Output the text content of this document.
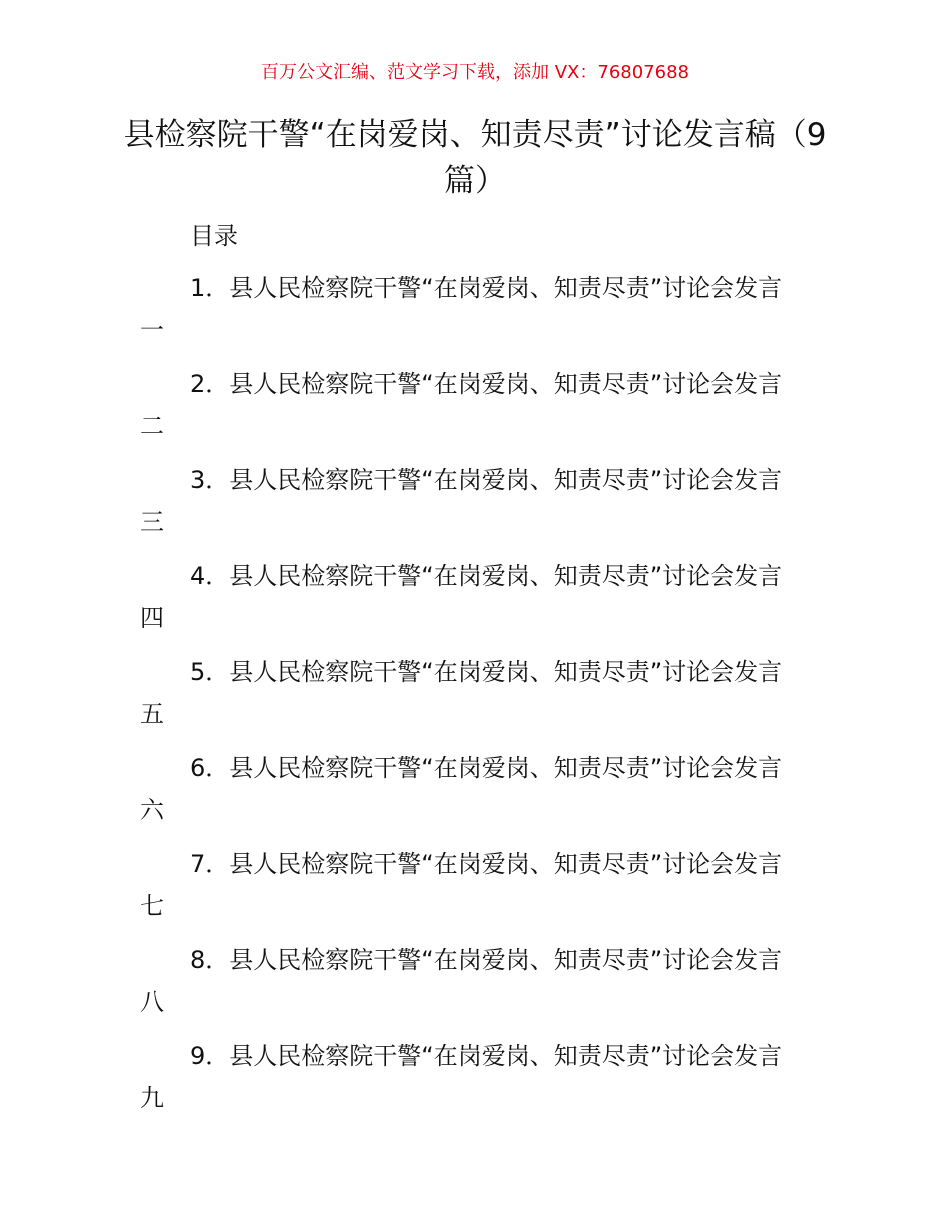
百万公文汇编、范文学习下载，添加 VX：76807688
县检察院干警“在岗爱岗、知责尽责”讨论发言稿（9 篇）
目录
1．县人民检察院干警“在岗爱岗、知责尽责”讨论会发言
一
2．县人民检察院干警“在岗爱岗、知责尽责”讨论会发言
二
3．县人民检察院干警“在岗爱岗、知责尽责”讨论会发言
三
4．县人民检察院干警“在岗爱岗、知责尽责”讨论会发言
四
5．县人民检察院干警“在岗爱岗、知责尽责”讨论会发言
五
6．县人民检察院干警“在岗爱岗、知责尽责”讨论会发言
六
7．县人民检察院干警“在岗爱岗、知责尽责”讨论会发言
七
8．县人民检察院干警“在岗爱岗、知责尽责”讨论会发言
八
9．县人民检察院干警“在岗爱岗、知责尽责”讨论会发言
九
